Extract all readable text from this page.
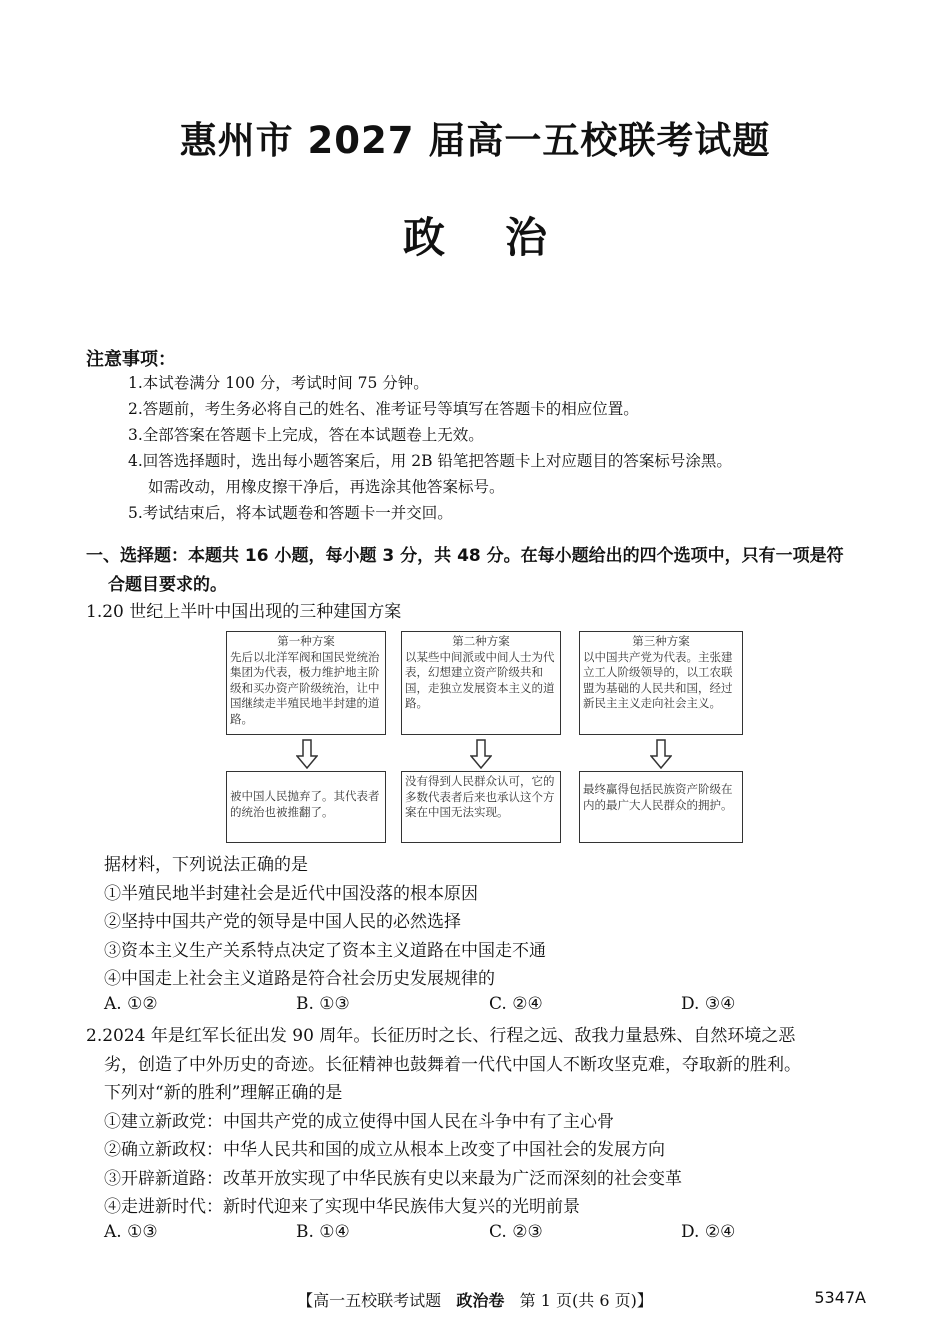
惠州市 2027 届高一五校联考试题
政治
注意事项：
1.本试卷满分 100 分，考试时间 75 分钟。
2.答题前，考生务必将自己的姓名、准考证号等填写在答题卡的相应位置。
3.全部答案在答题卡上完成，答在本试题卷上无效。
4.回答选择题时，选出每小题答案后，用 2B 铅笔把答题卡上对应题目的答案标号涂黑。
如需改动，用橡皮擦干净后，再选涂其他答案标号。
5.考试结束后，将本试题卷和答题卡一并交回。
一、选择题：本题共 16 小题，每小题 3 分，共 48 分。在每小题给出的四个选项中，只有一项是符
合题目要求的。
1.20 世纪上半叶中国出现的三种建国方案
第一种方案
先后以北洋军阀和国民党统治集团为代表，极力维护地主阶级和买办资产阶级统治，让中国继续走半殖民地半封建的道路。
第二种方案
以某些中间派或中间人士为代表，幻想建立资产阶级共和国，走独立发展资本主义的道路。
第三种方案
以中国共产党为代表。主张建立工人阶级领导的，以工农联盟为基础的人民共和国，经过新民主主义走向社会主义。
被中国人民抛弃了。其代表者的统治也被推翻了。
没有得到人民群众认可，它的多数代表者后来也承认这个方案在中国无法实现。
最终赢得包括民族资产阶级在内的最广大人民群众的拥护。
据材料，下列说法正确的是
①半殖民地半封建社会是近代中国没落的根本原因
②坚持中国共产党的领导是中国人民的必然选择
③资本主义生产关系特点决定了资本主义道路在中国走不通
④中国走上社会主义道路是符合社会历史发展规律的
A. ①②	B. ①③	C. ②④	D. ③④
2.2024 年是红军长征出发 90 周年。长征历时之长、行程之远、敌我力量悬殊、自然环境之恶
劣，创造了中外历史的奇迹。长征精神也鼓舞着一代代中国人不断攻坚克难，夺取新的胜利。
下列对“新的胜利”理解正确的是
①建立新政党：中国共产党的成立使得中国人民在斗争中有了主心骨
②确立新政权：中华人民共和国的成立从根本上改变了中国社会的发展方向
③开辟新道路：改革开放实现了中华民族有史以来最为广泛而深刻的社会变革
④走进新时代：新时代迎来了实现中华民族伟大复兴的光明前景
A. ①③	B. ①④	C. ②③	D. ②④
【高一五校联考试题 政治卷 第 1 页(共 6 页)】	5347A
